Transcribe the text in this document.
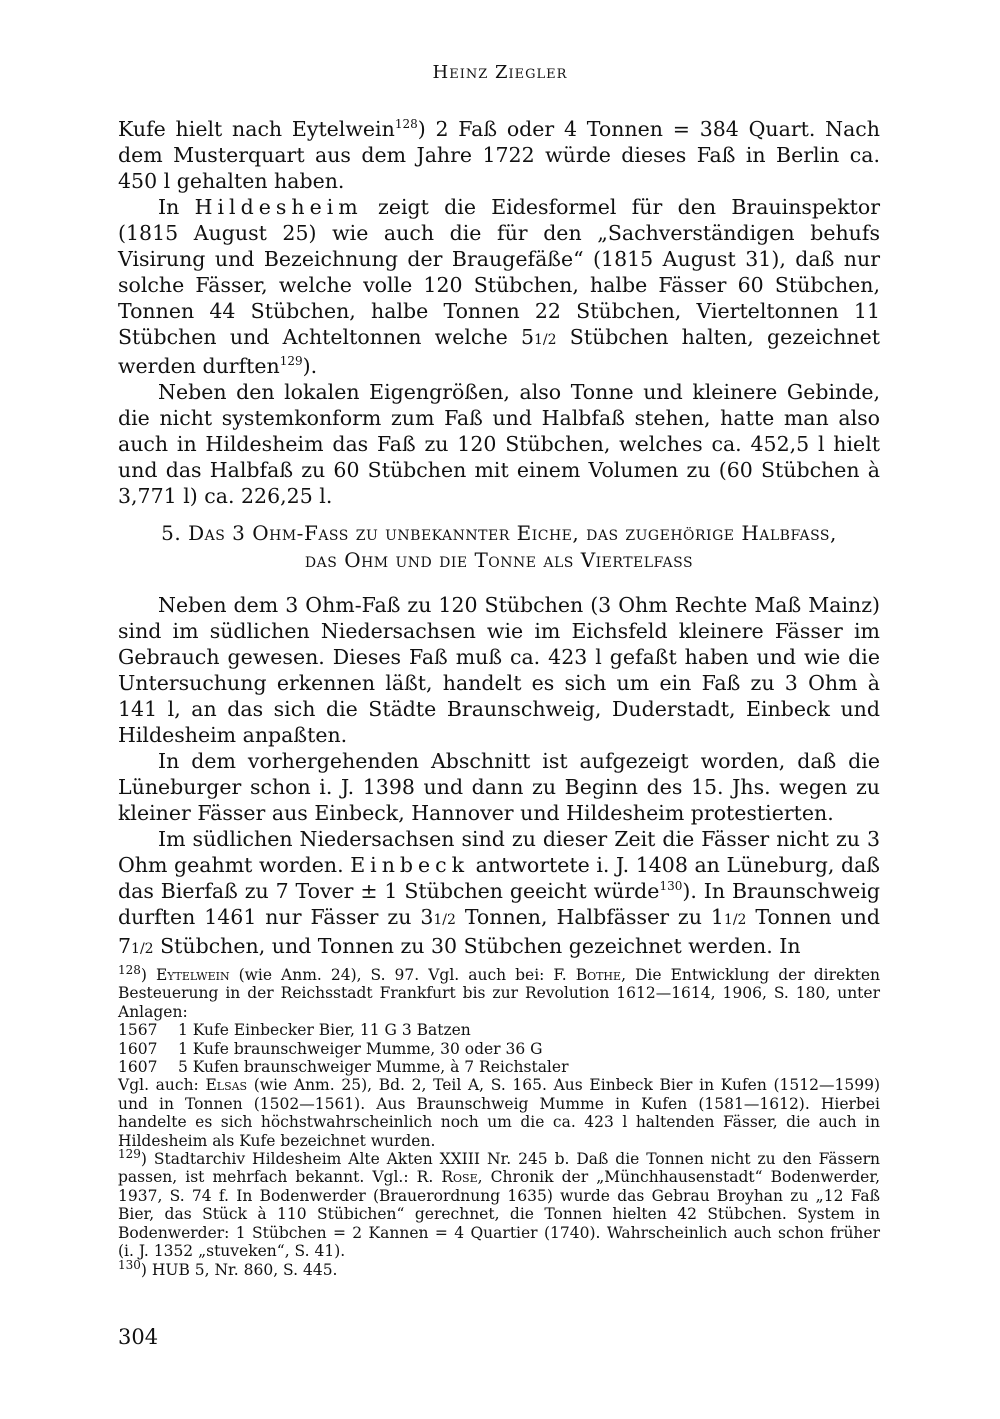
Heinz Ziegler

Kufe hielt nach Eytelwein$^{128}$) 2 Faß oder 4 Tonnen = 384 Quart. Nach dem Musterquart aus dem Jahre 1722 würde dieses Faß in Berlin ca. 450 l gehalten haben.

In Hildesheim zeigt die Eidesformel für den Brauinspektor (1815 August 25) wie auch die für den „Sachverständigen behufs Visirung und Bezeichnung der Braugefäße“ (1815 August 31), daß nur solche Fässer, welche volle 120 Stübchen, halbe Fässer 60 Stübchen, Tonnen 44 Stübchen, halbe Tonnen 22 Stübchen, Vierteltonnen 11 Stübchen und Achteltonnen welche 51/2 Stübchen halten, gezeichnet werden durften$^{129}$).

Neben den lokalen Eigengrößen, also Tonne und kleinere Gebinde, die nicht systemkonform zum Faß und Halbfaß stehen, hatte man also auch in Hildesheim das Faß zu 120 Stübchen, welches ca. 452,5 l hielt und das Halbfaß zu 60 Stübchen mit einem Volumen zu (60 Stübchen à 3,771 l) ca. 226,25 l.

5. Das 3 Ohm-Fass zu unbekannter Eiche, das zugehörige Halbfass,
das Ohm und die Tonne als Viertelfass

Neben dem 3 Ohm-Faß zu 120 Stübchen (3 Ohm Rechte Maß Mainz) sind im südlichen Niedersachsen wie im Eichsfeld kleinere Fässer im Gebrauch gewesen. Dieses Faß muß ca. 423 l gefaßt haben und wie die Untersuchung erkennen läßt, handelt es sich um ein Faß zu 3 Ohm à 141 l, an das sich die Städte Braunschweig, Duderstadt, Einbeck und Hildesheim anpaßten.

In dem vorhergehenden Abschnitt ist aufgezeigt worden, daß die Lüneburger schon i. J. 1398 und dann zu Beginn des 15. Jhs. wegen zu kleiner Fässer aus Einbeck, Hannover und Hildesheim protestierten.

Im südlichen Niedersachsen sind zu dieser Zeit die Fässer nicht zu 3 Ohm geahmt worden. Einbeck antwortete i. J. 1408 an Lüneburg, daß das Bierfaß zu 7 Tover ± 1 Stübchen geeicht würde$^{130}$). In Braunschweig durften 1461 nur Fässer zu 31/2 Tonnen, Halbfässer zu 11/2 Tonnen und 71/2 Stübchen, und Tonnen zu 30 Stübchen gezeichnet werden. In

$^{128}$) Eytelwein (wie Anm. 24), S. 97. Vgl. auch bei: F. Bothe, Die Entwicklung der direkten Besteuerung in der Reichsstadt Frankfurt bis zur Revolution 1612—1614, 1906, S. 180, unter Anlagen:

1567	1 Kufe Einbecker Bier, 11 G 3 Batzen
1607	1 Kufe braunschweiger Mumme, 30 oder 36 G
1607	5 Kufen braunschweiger Mumme, à 7 Reichstaler

Vgl. auch: Elsas (wie Anm. 25), Bd. 2, Teil A, S. 165. Aus Einbeck Bier in Kufen (1512—1599) und in Tonnen (1502—1561). Aus Braunschweig Mumme in Kufen (1581—1612). Hierbei handelte es sich höchstwahrscheinlich noch um die ca. 423 l haltenden Fässer, die auch in Hildesheim als Kufe bezeichnet wurden.

$^{129}$) Stadtarchiv Hildesheim Alte Akten XXIII Nr. 245 b. Daß die Tonnen nicht zu den Fässern passen, ist mehrfach bekannt. Vgl.: R. Rose, Chronik der „Münchhausenstadt“ Bodenwerder, 1937, S. 74 f. In Bodenwerder (Brauerordnung 1635) wurde das Gebrau Broyhan zu „12 Faß Bier, das Stück à 110 Stübichen“ gerechnet, die Tonnen hielten 42 Stübchen. System in Bodenwerder: 1 Stübchen = 2 Kannen = 4 Quartier (1740). Wahrscheinlich auch schon früher (i. J. 1352 „stuveken“, S. 41).

$^{130}$) HUB 5, Nr. 860, S. 445.

304
